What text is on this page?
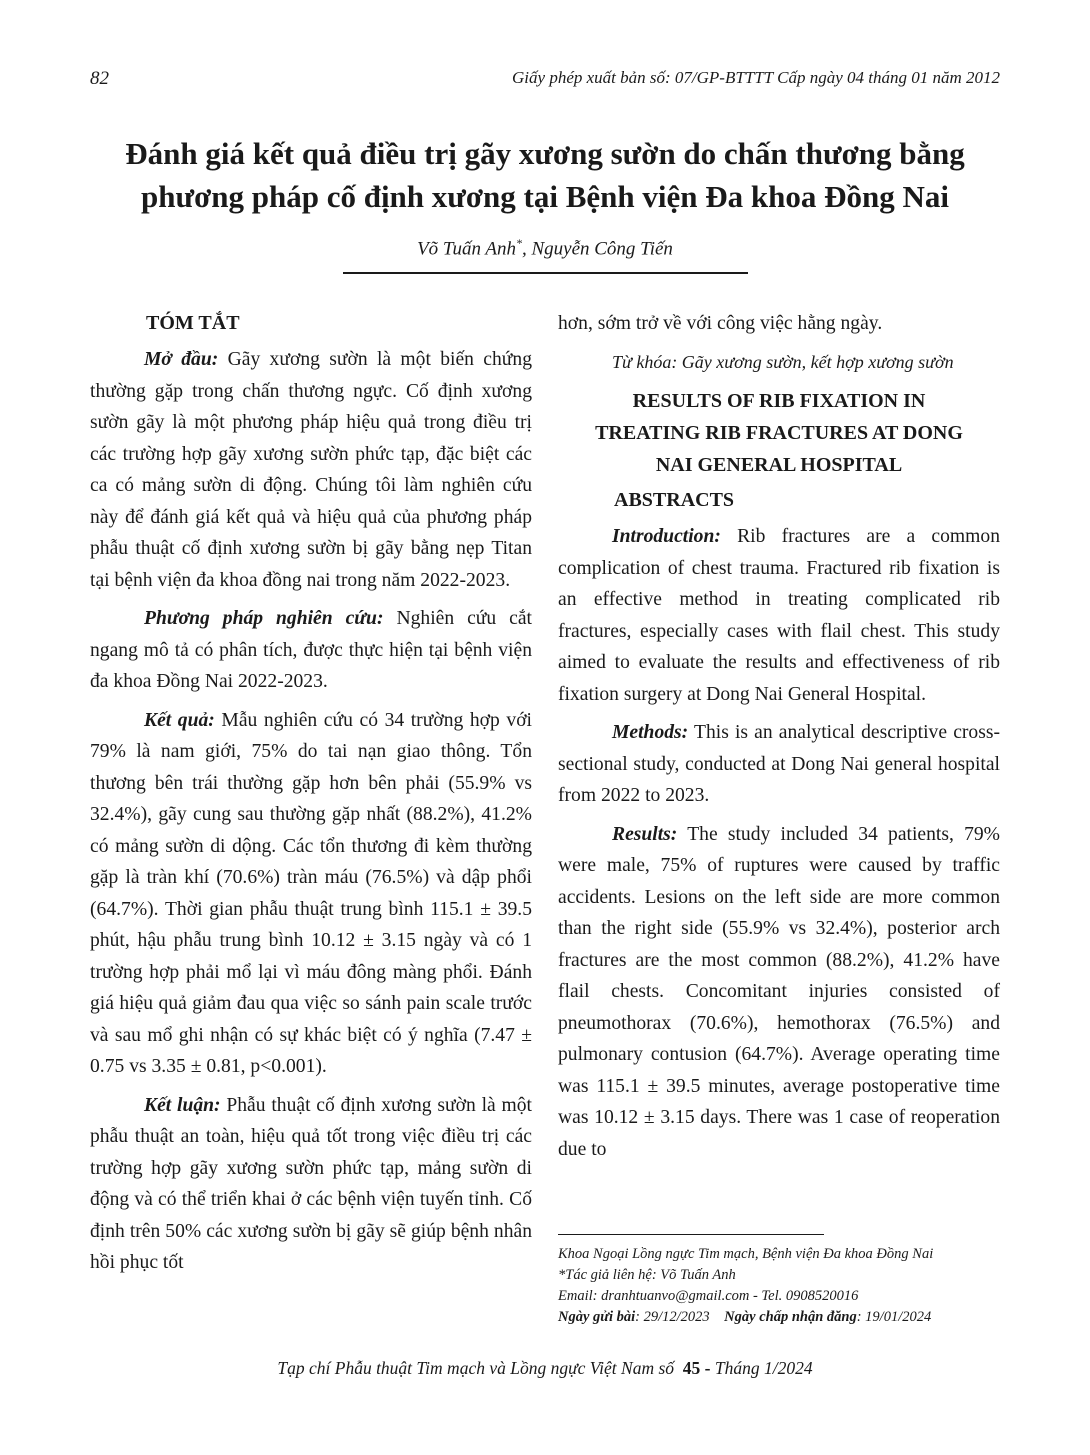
82	Giấy phép xuất bản số: 07/GP-BTTTT Cấp ngày 04 tháng 01 năm 2012
Đánh giá kết quả điều trị gãy xương sườn do chấn thương bằng
phương pháp cố định xương tại Bệnh viện Đa khoa Đồng Nai
Võ Tuấn Anh*, Nguyễn Công Tiến
TÓM TẮT

Mở đầu: Gãy xương sườn là một biến chứng thường gặp trong chấn thương ngực. Cố định xương sườn gãy là một phương pháp hiệu quả trong điều trị các trường hợp gãy xương sườn phức tạp, đặc biệt các ca có mảng sườn di động. Chúng tôi làm nghiên cứu này để đánh giá kết quả và hiệu quả của phương pháp phẫu thuật cố định xương sườn bị gãy bằng nẹp Titan tại bệnh viện đa khoa đồng nai trong năm 2022-2023.

Phương pháp nghiên cứu: Nghiên cứu cắt ngang mô tả có phân tích, được thực hiện tại bệnh viện đa khoa Đồng Nai 2022-2023.

Kết quả: Mẫu nghiên cứu có 34 trường hợp với 79% là nam giới, 75% do tai nạn giao thông. Tổn thương bên trái thường gặp hơn bên phải (55.9% vs 32.4%), gãy cung sau thường gặp nhất (88.2%), 41.2% có mảng sườn di dộng. Các tổn thương đi kèm thường gặp là tràn khí (70.6%) tràn máu (76.5%) và dập phổi (64.7%). Thời gian phẫu thuật trung bình 115.1 ± 39.5 phút, hậu phẫu trung bình 10.12 ± 3.15 ngày và có 1 trường hợp phải mổ lại vì máu đông màng phổi. Đánh giá hiệu quả giảm đau qua việc so sánh pain scale trước và sau mổ ghi nhận có sự khác biệt có ý nghĩa (7.47 ± 0.75 vs 3.35 ± 0.81, p<0.001).

Kết luận: Phẫu thuật cố định xương sườn là một phẫu thuật an toàn, hiệu quả tốt trong việc điều trị các trường hợp gãy xương sườn phức tạp, mảng sườn di động và có thể triển khai ở các bệnh viện tuyến tỉnh. Cố định trên 50% các xương sườn bị gãy sẽ giúp bệnh nhân hồi phục tốt

hơn, sớm trở về với công việc hằng ngày.

Từ khóa: Gãy xương sườn, kết hợp xương sườn

RESULTS OF RIB FIXATION IN
TREATING RIB FRACTURES AT DONG
NAI GENERAL HOSPITAL
ABSTRACTS

Introduction: Rib fractures are a common complication of chest trauma. Fractured rib fixation is an effective method in treating complicated rib fractures, especially cases with flail chest. This study aimed to evaluate the results and effectiveness of rib fixation surgery at Dong Nai General Hospital.

Methods: This is an analytical descriptive cross-sectional study, conducted at Dong Nai general hospital from 2022 to 2023.

Results: The study included 34 patients, 79% were male, 75% of ruptures were caused by traffic accidents. Lesions on the left side are more common than the right side (55.9% vs 32.4%), posterior arch fractures are the most common (88.2%), 41.2% have flail chests. Concomitant injuries consisted of pneumothorax (70.6%), hemothorax (76.5%) and pulmonary contusion (64.7%). Average operating time was 115.1 ± 39.5 minutes, average postoperative time was 10.12 ± 3.15 days. There was 1 case of reoperation due to

Khoa Ngoại Lồng ngực Tim mạch, Bệnh viện Đa khoa Đồng Nai
*Tác giả liên hệ: Võ Tuấn Anh
Email: dranhtuanvo@gmail.com - Tel. 0908520016
Ngày gửi bài: 29/12/2023 Ngày chấp nhận đăng: 19/01/2024
Tạp chí Phẫu thuật Tim mạch và Lồng ngực Việt Nam số 45 - Tháng 1/2024
